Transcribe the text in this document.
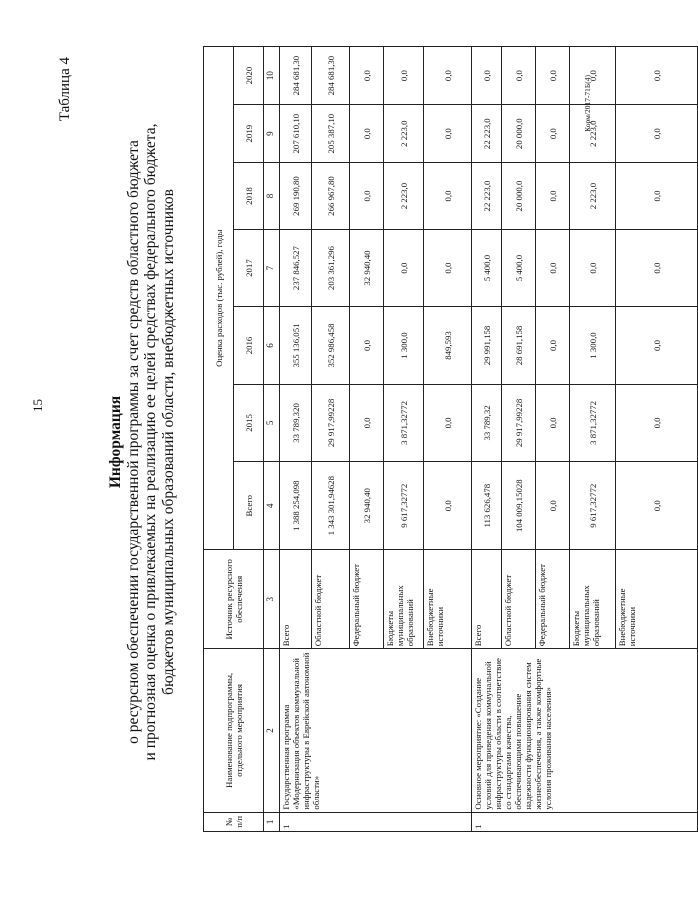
15
Таблица 4
Информация о ресурсном обеспечении государственной программы за счет средств областного бюджета и прогнозная оценка о привлекаемых на реализацию ее целей средствах федерального бюджета, бюджетов муниципальных образований области, внебюджетных источников
№ п/п	Наименование подпрограммы, отдельного мероприятия	Источник ресурсного обеспечения	Оценка расходов (тыс. рублей), годы						
			Всего	2015	2016	2017	2018	2019	2020
1	2	3	4	5	6	7	8	9	10
1	Государственная программа «Модернизация объектов коммунальной инфраструктуры в Еврейской автономной области»	Всего	1 388 254,098	33 789,320	355 136,051	237 846,527	269 190,80	207 610,10	284 681,30
		Областной бюджет	1 343 301,94628	29 917,99228	352 986,458	203 361,296	266 967,80	205 387,10	284 681,30
		Федеральный бюджет	32 940,40	0,0	0,0	32 940,40	0,0	0,0	0,0
		Бюджеты муниципальных образований	9 617,32772	3 871,32772	1 300,0	0,0	2 223,0	2 223,0	0,0
		Внебюджетные источники	0,0	0,0	849,593	0,0	0,0	0,0	0,0
1	Основное мероприятие: «Создание условий для приведения коммунальной инфраструктуры области в соответствие со стандартами качества, обеспечивающими повышение надежности функционирования систем жизнеобеспечения, а также комфортные условия проживания населения»	Всего	113 626,478	33 789,32	29 991,158	5 400,0	22 223,0	22 223,0	0,0
		Областной бюджет	104 009,15028	29 917,99228	28 691,158	5 400,0	20 000,0	20 000,0	0,0
		Федеральный бюджет	0,0	0,0	0,0	0,0	0,0	0,0	0,0
		Бюджеты муниципальных образований	9 617,32772	3 871,32772	1 300,0	0,0	2 223,0	2 223,0	0,0
		Внебюджетные источники	0,0	0,0	0,0	0,0	0,0	0,0	0,0
Корм/2017-71Б(4)
